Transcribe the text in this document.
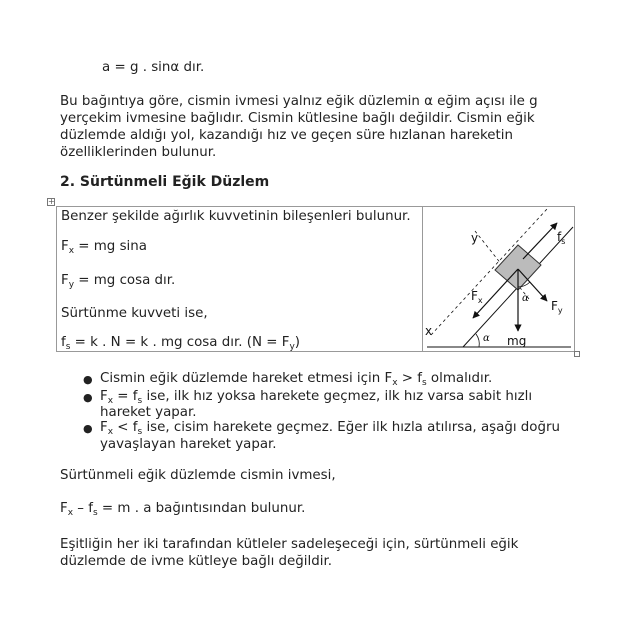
a = g . sinα dır.
Bu bağıntıya göre, cismin ivmesi yalnız eğik düzlemin α eğim açısı ile g
yerçekim ivmesine bağlıdır. Cismin kütlesine bağlı değildir. Cismin eğik
düzlemde aldığı yol, kazandığı hız ve geçen süre hızlanan hareketin
özelliklerinden bulunur.
2. Sürtünmeli Eğik Düzlem
+
Benzer şekilde ağırlık kuvvetinin bileşenleri bulunur.
$F_x$ = mg sina
$F_y$ = mg cosa dır.
Sürtünme kuvveti ise,
$f_s = k$ . N = k . mg cosa dır. $(N = F_y)$
y
x
$f_s$
$F_x$	$F_y$
α
α mg
● Cismin eğik düzlemde hareket etmesi için $F_x > f_s$ olmalıdır.
● $F_x = f_s$ ise, ilk hız yoksa harekete geçmez, ilk hız varsa sabit hızlı
hareket yapar.
● $F_x < f_s$ ise, cisim harekete geçmez. Eğer ilk hızla atılırsa, aşağı doğru
yavaşlayan hareket yapar.
Sürtünmeli eğik düzlemde cismin ivmesi,
$F_x - f_s = m$ . a bağıntısından bulunur.
Eşitliğin her iki tarafından kütleler sadeleşeceği için, sürtünmeli eğik
düzlemde de ivme kütleye bağlı değildir.
